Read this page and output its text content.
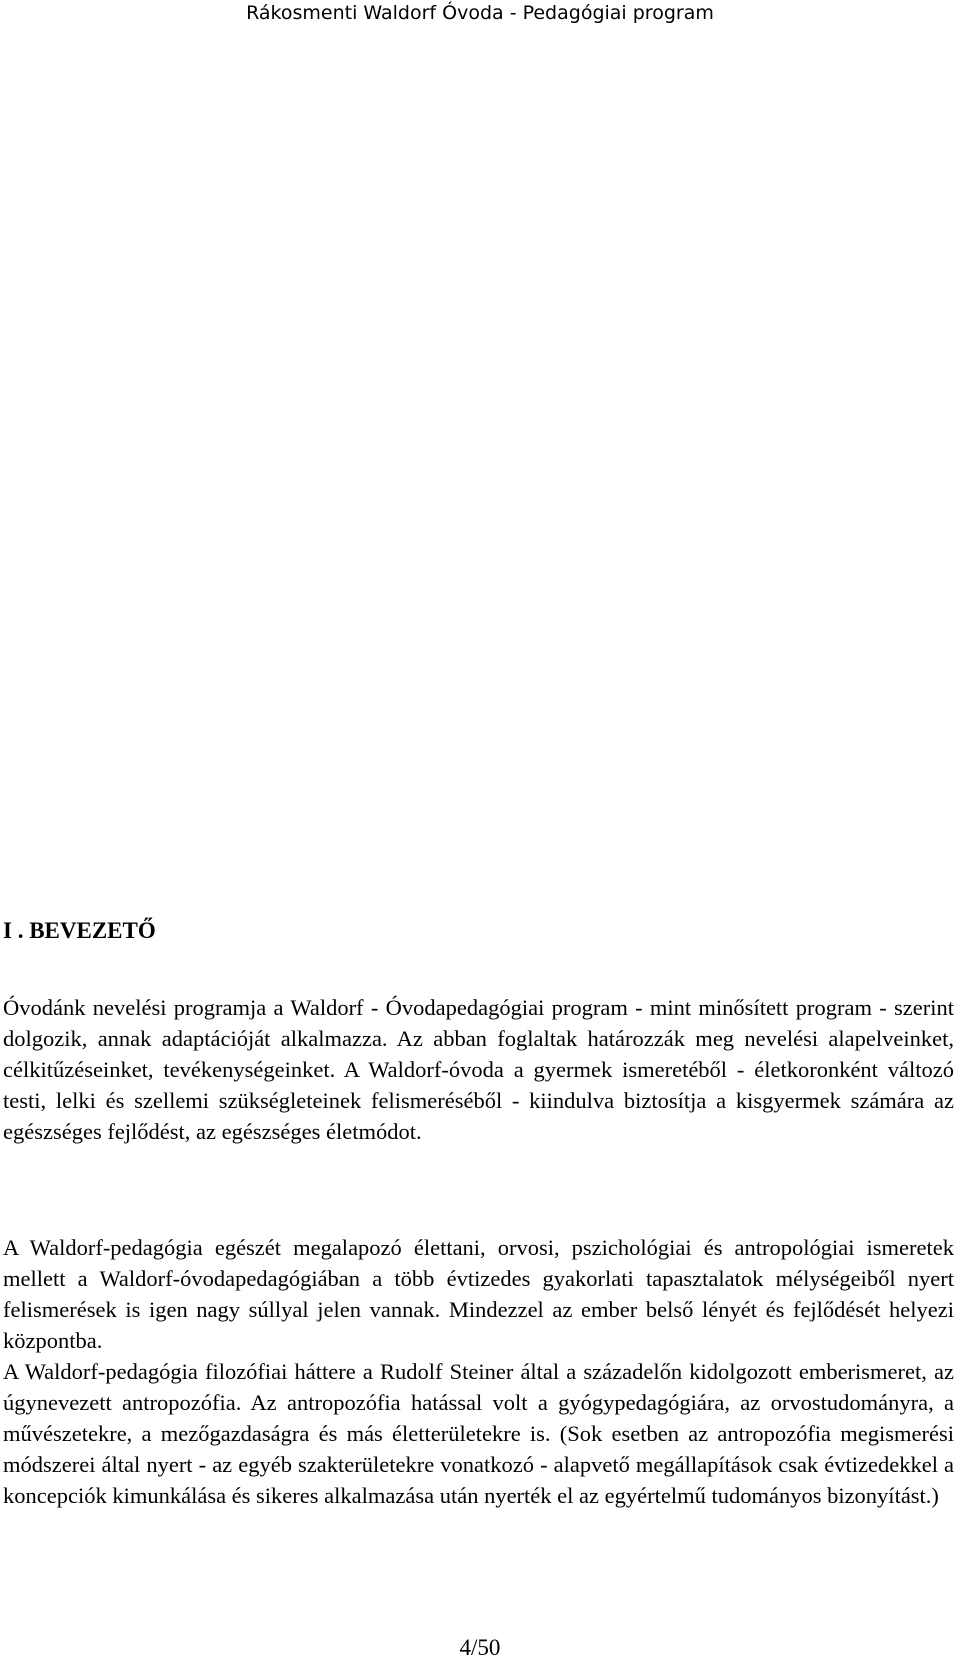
Rákosmenti Waldorf Óvoda - Pedagógiai program
I . BEVEZETŐ

Óvodánk nevelési programja a Waldorf - Óvodapedagógiai program - mint minősített program - szerint dolgozik, annak adaptációját alkalmazza. Az abban foglaltak határozzák meg nevelési alapelveinket, célkitűzéseinket, tevékenységeinket. A Waldorf-óvoda a gyermek ismeretéből - életkoronként változó testi, lelki és szellemi szükségleteinek felismeréséből - kiindulva biztosítja a kisgyermek számára az egészséges fejlődést, az egészséges életmódot.

A Waldorf-pedagógia egészét megalapozó élettani, orvosi, pszichológiai és antropológiai ismeretek mellett a Waldorf-óvodapedagógiában a több évtizedes gyakorlati tapasztalatok mélységeiből nyert felismerések is igen nagy súllyal jelen vannak. Mindezzel az ember belső lényét és fejlődését helyezi központba.

A Waldorf-pedagógia filozófiai háttere a Rudolf Steiner által a századelőn kidolgozott emberismeret, az úgynevezett antropozófia. Az antropozófia hatással volt a gyógypedagógiára, az orvostudományra, a művészetekre, a mezőgazdaságra és más életterületekre is. (Sok esetben az antropozófia megismerési módszerei által nyert - az egyéb szakterületekre vonatkozó - alapvető megállapítások csak évtizedekkel a koncepciók kimunkálása és sikeres alkalmazása után nyerték el az egyértelmű tudományos bizonyítást.)

4/50
